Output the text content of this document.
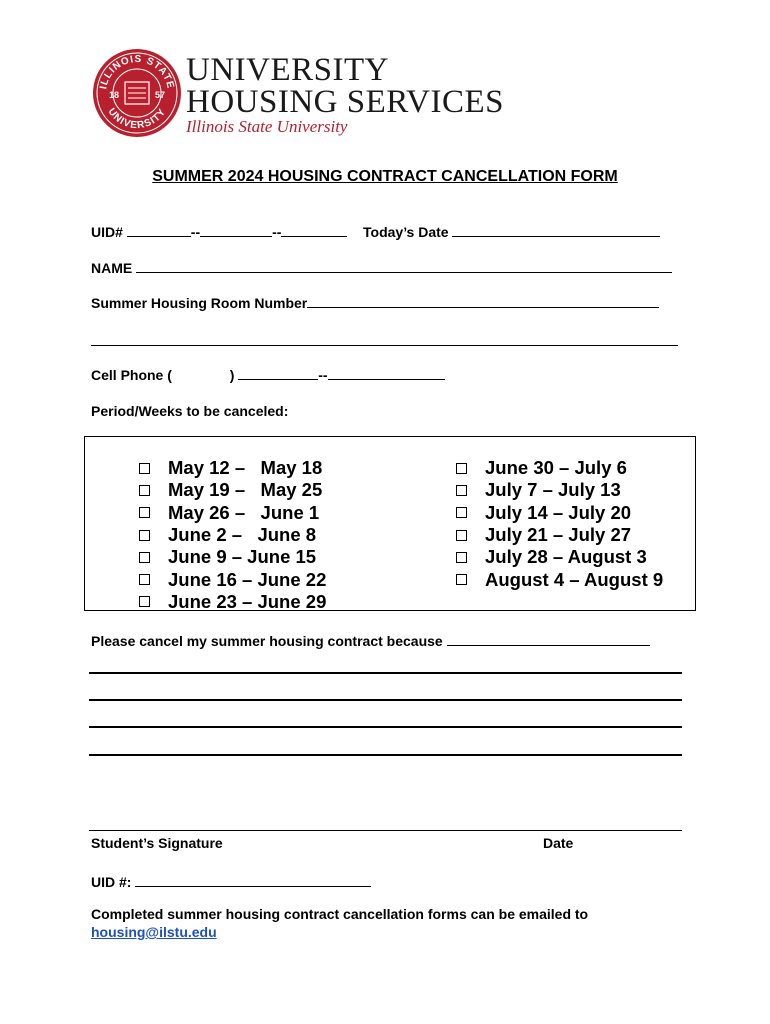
ILLINOIS STATE
UNIVERSITY
18	57
UNIVERSITY
HOUSING SERVICES
Illinois State University
SUMMER 2024 HOUSING CONTRACT CANCELLATION FORM
UID#	--	--	Today’s Date
NAME
Summer Housing Room Number
Cell Phone (	)	--
Period/Weeks to be canceled:
May 12 –   May 18
May 19 –   May 25
May 26 –   June 1
June 2 –   June 8
June 9 – June 15
June 16 – June 22
June 23 – June 29
June 30 – July 6
July 7 – July 13
July 14 – July 20
July 21 – July 27
July 28 – August 3
August 4 – August 9
Please cancel my summer housing contract because
Student’s Signature	Date
UID #:
Completed summer housing contract cancellation forms can be emailed to
housing@ilstu.edu
